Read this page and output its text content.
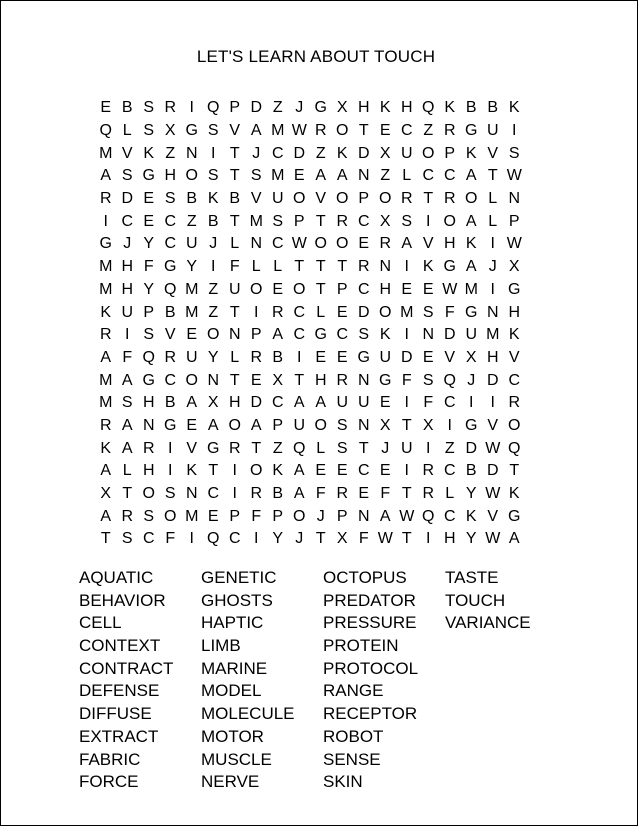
LET'S LEARN ABOUT TOUCH
E B S R I Q P D Z J G X H K H Q K B B K
Q L S X G S V A M W R O T E C Z R G U I
M V K Z N I T J C D Z K D X U O P K V S
A S G H O S T S M E A A N Z L C C A T W
R D E S B K B V U O V O P O R T R O L N
I C E C Z B T M S P T R C X S I O A L P
G J Y C U J L N C W O O E R A V H K I W
M H F G Y I F L L T T T R N I K G A J X
M H Y Q M Z U O E O T P C H E E W M I G
K U P B M Z T I R C L E D O M S F G N H
R I S V E O N P A C G C S K I N D U M K
A F Q R U Y L R B I E E G U D E V X H V
M A G C O N T E X T H R N G F S Q J D C
M S H B A X H D C A A U U E I F C I	I R
R A N G E A O A P U O S N X T X I G V O
K A R I V G R T Z Q L S T J U I Z D W Q
A L H I K T I O K A E E C E I R C B D T
X T O S N C I R B A F R E F T R L Y W K
A R S O M E P F P O J P N A W Q C K V G
T S C F I Q C I Y J T X F W T I H Y W A
AQUATIC
BEHAVIOR
CELL
CONTEXT
CONTRACT
DEFENSE
DIFFUSE
EXTRACT
FABRIC
FORCE
GENETIC
GHOSTS
HAPTIC
LIMB
MARINE
MODEL
MOLECULE
MOTOR
MUSCLE
NERVE
OCTOPUS
PREDATOR
PRESSURE
PROTEIN
PROTOCOL
RANGE
RECEPTOR
ROBOT
SENSE
SKIN
TASTE
TOUCH
VARIANCE
